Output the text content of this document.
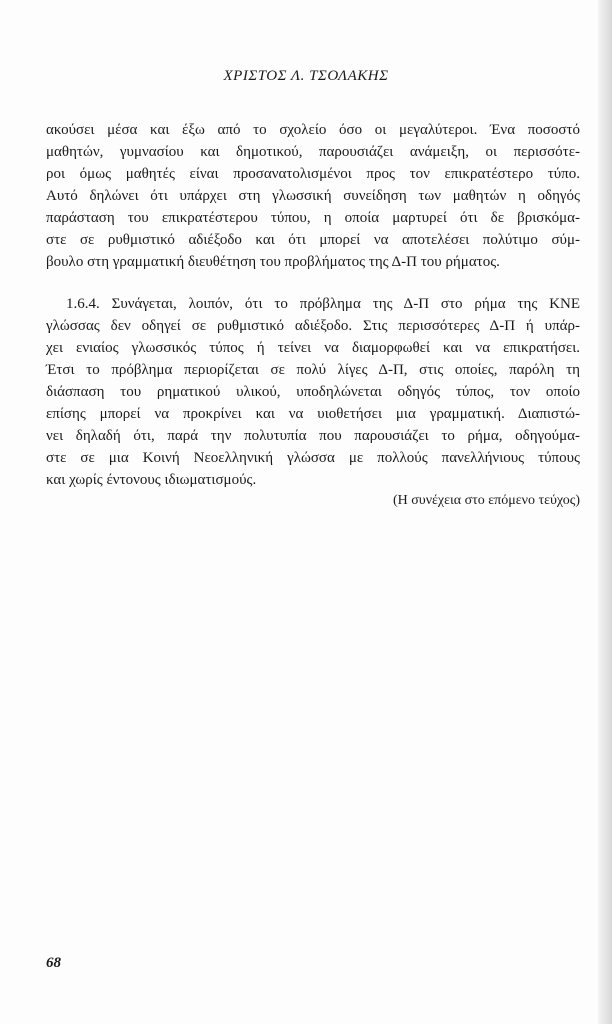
ΧΡΙΣΤΟΣ Λ. ΤΣΟΛΑΚΗΣ

ακούσει μέσα και έξω από το σχολείο όσο οι μεγαλύτεροι. Ένα ποσοστό
μαθητών, γυμνασίου και δημοτικού, παρουσιάζει ανάμειξη, οι περισσότε-
ροι όμως μαθητές είναι προσανατολισμένοι προς τον επικρατέστερο τύπο.
Αυτό δηλώνει ότι υπάρχει στη γλωσσική συνείδηση των μαθητών η οδηγός
παράσταση του επικρατέστερου τύπου, η οποία μαρτυρεί ότι δε βρισκόμα-
στε σε ρυθμιστικό αδιέξοδο και ότι μπορεί να αποτελέσει πολύτιμο σύμ-
βουλο στη γραμματική διευθέτηση του προβλήματος της Δ-Π του ρήματος.

1.6.4. Συνάγεται, λοιπόν, ότι το πρόβλημα της Δ-Π στο ρήμα της ΚΝΕ
γλώσσας δεν οδηγεί σε ρυθμιστικό αδιέξοδο. Στις περισσότερες Δ-Π ή υπάρ-
χει ενιαίος γλωσσικός τύπος ή τείνει να διαμορφωθεί και να επικρατήσει.
Έτσι το πρόβλημα περιορίζεται σε πολύ λίγες Δ-Π, στις οποίες, παρόλη τη
διάσπαση του ρηματικού υλικού, υποδηλώνεται οδηγός τύπος, τον οποίο
επίσης μπορεί να προκρίνει και να υιοθετήσει μια γραμματική. Διαπιστώ-
νει δηλαδή ότι, παρά την πολυτυπία που παρουσιάζει το ρήμα, οδηγούμα-
στε σε μια Κοινή Νεοελληνική γλώσσα με πολλούς πανελλήνιους τύπους
και χωρίς έντονους ιδιωματισμούς.

(Η συνέχεια στο επόμενο τεύχος)
68
